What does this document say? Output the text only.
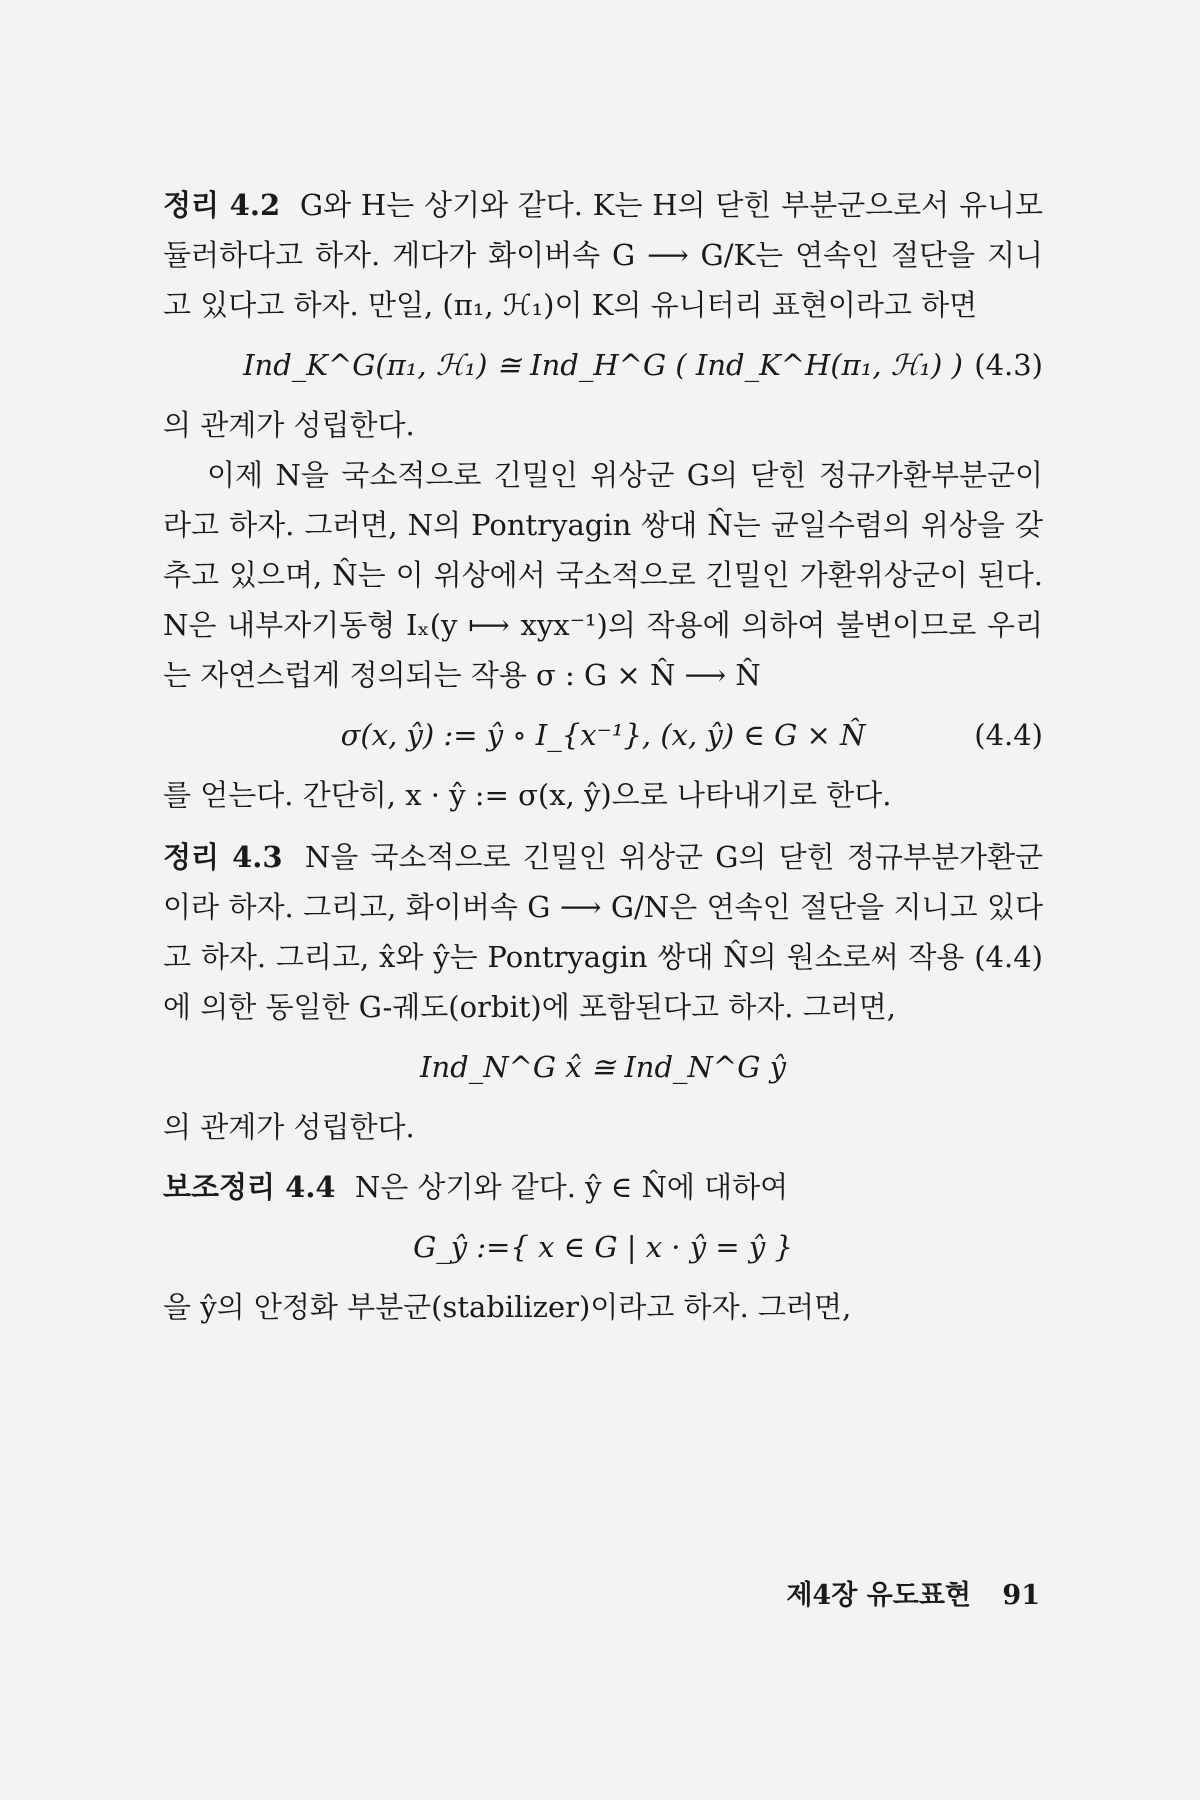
정리 4.2 G와 H는 상기와 같다. K는 H의 닫힌 부분군으로서 유니모듈러하다고 하자. 게다가 화이버속 G ⟶ G/K는 연속인 절단을 지니고 있다고 하자. 만일, (π₁, ℋ₁)이 K의 유니터리 표현이라고 하면

Ind_K^G(π₁, ℋ₁) ≅ Ind_H^G ( Ind_K^H(π₁, ℋ₁) ) (4.3)

의 관계가 성립한다.

이제 N을 국소적으로 긴밀인 위상군 G의 닫힌 정규가환부분군이라고 하자. 그러면, N의 Pontryagin 쌍대 N̂는 균일수렴의 위상을 갖추고 있으며, N̂는 이 위상에서 국소적으로 긴밀인 가환위상군이 된다. N은 내부자기동형 Iₓ(y ⟼ xyx⁻¹)의 작용에 의하여 불변이므로 우리는 자연스럽게 정의되는 작용 σ : G × N̂ ⟶ N̂

σ(x, ŷ) := ŷ ∘ I_{x⁻¹}, (x, ŷ) ∈ G × N̂	(4.4)

를 얻는다. 간단히, x · ŷ := σ(x, ŷ)으로 나타내기로 한다.

정리 4.3 N을 국소적으로 긴밀인 위상군 G의 닫힌 정규부분가환군이라 하자. 그리고, 화이버속 G ⟶ G/N은 연속인 절단을 지니고 있다고 하자. 그리고, x̂와 ŷ는 Pontryagin 쌍대 N̂의 원소로써 작용 (4.4)에 의한 동일한 G-궤도(orbit)에 포함된다고 하자. 그러면,

Ind_N^G x̂ ≅ Ind_N^G ŷ

의 관계가 성립한다.

보조정리 4.4 N은 상기와 같다. ŷ ∈ N̂에 대하여

G_ŷ :={ x ∈ G | x · ŷ = ŷ }

을 ŷ의 안정화 부분군(stabilizer)이라고 하자. 그러면,

제4장 유도표현 91
